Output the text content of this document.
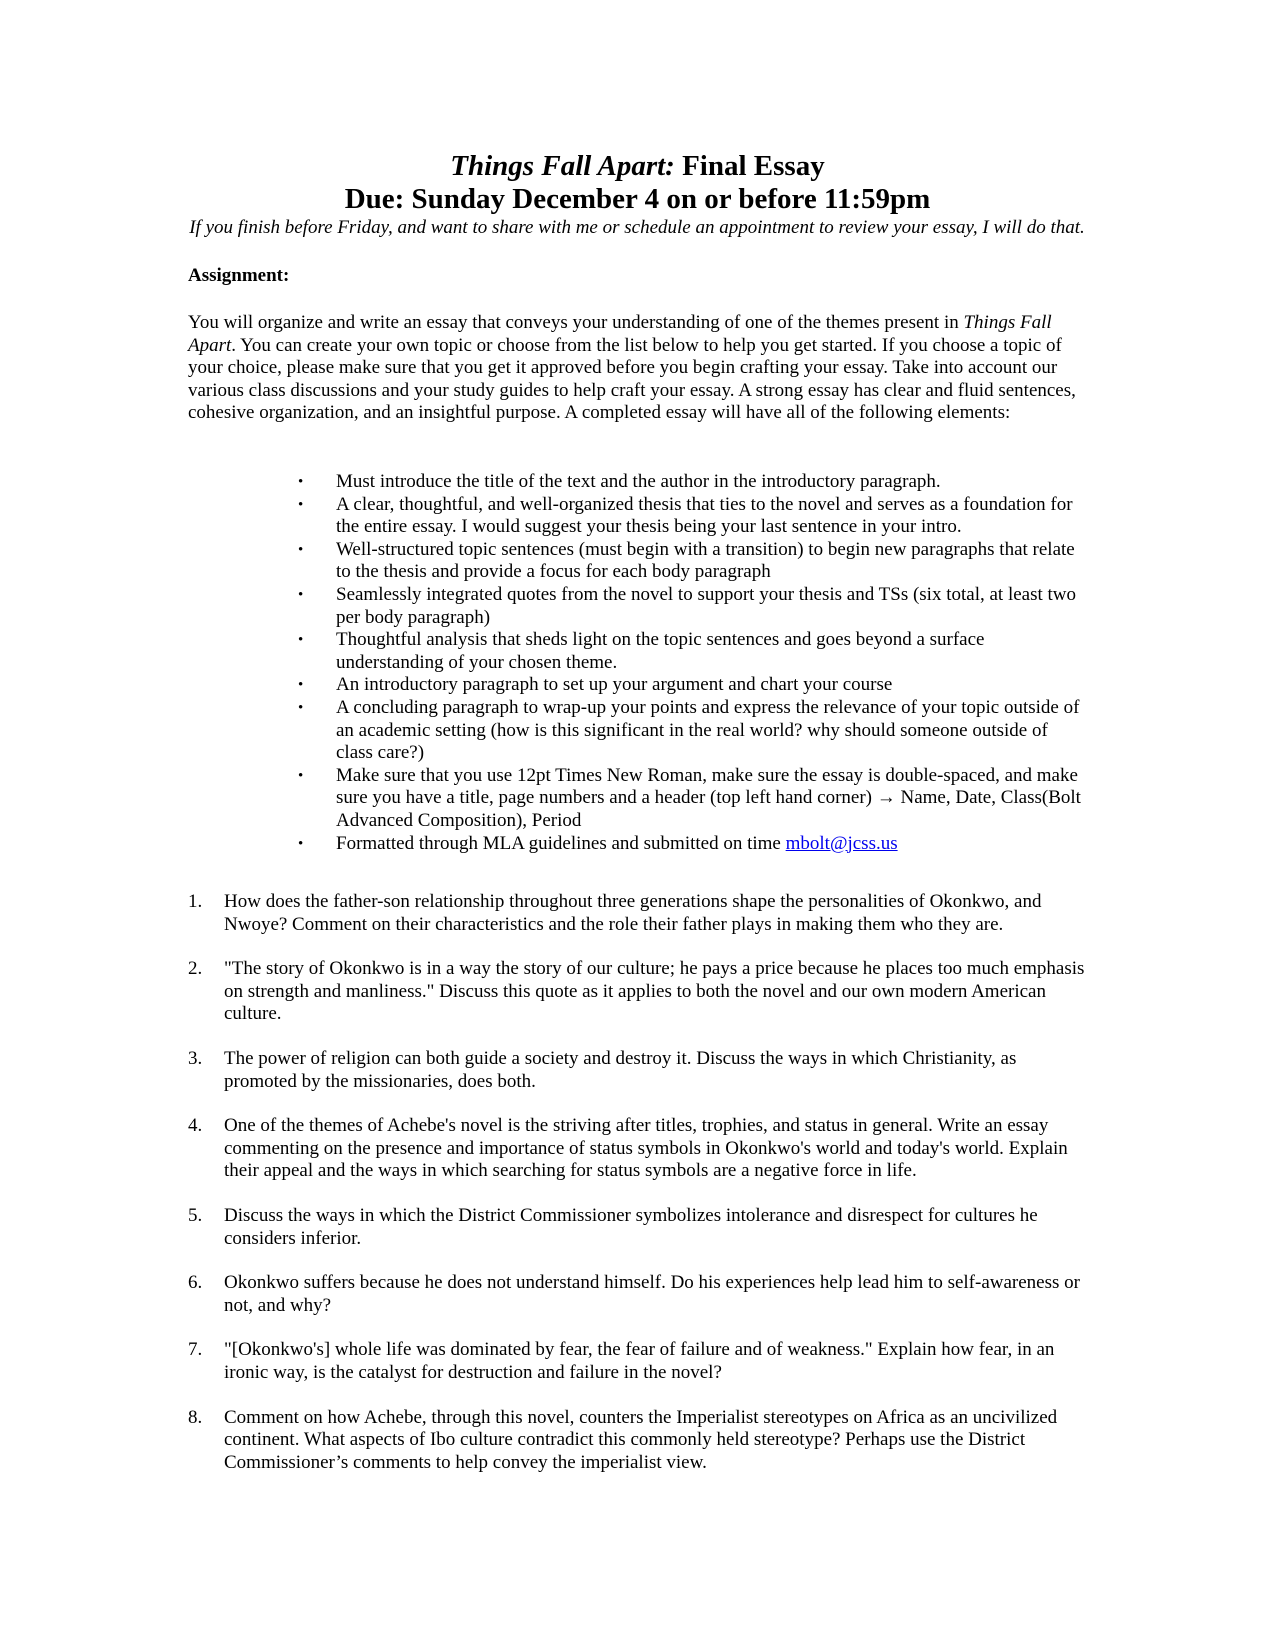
Things Fall Apart: Final Essay
Due: Sunday December 4 on or before 11:59pm
If you finish before Friday, and want to share with me or schedule an appointment to review your essay, I will do that.
Assignment:
You will organize and write an essay that conveys your understanding of one of the themes present in Things Fall Apart. You can create your own topic or choose from the list below to help you get started. If you choose a topic of your choice, please make sure that you get it approved before you begin crafting your essay. Take into account our various class discussions and your study guides to help craft your essay. A strong essay has clear and fluid sentences, cohesive organization, and an insightful purpose. A completed essay will have all of the following elements:
• Must introduce the title of the text and the author in the introductory paragraph.
• A clear, thoughtful, and well-organized thesis that ties to the novel and serves as a foundation for the entire essay. I would suggest your thesis being your last sentence in your intro.
• Well-structured topic sentences (must begin with a transition) to begin new paragraphs that relate to the thesis and provide a focus for each body paragraph
• Seamlessly integrated quotes from the novel to support your thesis and TSs (six total, at least two per body paragraph)
• Thoughtful analysis that sheds light on the topic sentences and goes beyond a surface understanding of your chosen theme.
• An introductory paragraph to set up your argument and chart your course
• A concluding paragraph to wrap-up your points and express the relevance of your topic outside of an academic setting (how is this significant in the real world? why should someone outside of class care?)
• Make sure that you use 12pt Times New Roman, make sure the essay is double-spaced, and make sure you have a title, page numbers and a header (top left hand corner) → Name, Date, Class(Bolt Advanced Composition), Period
• Formatted through MLA guidelines and submitted on time mbolt@jcss.us
1. How does the father-son relationship throughout three generations shape the personalities of Okonkwo, and Nwoye? Comment on their characteristics and the role their father plays in making them who they are.
2. "The story of Okonkwo is in a way the story of our culture; he pays a price because he places too much emphasis on strength and manliness." Discuss this quote as it applies to both the novel and our own modern American culture.
3. The power of religion can both guide a society and destroy it. Discuss the ways in which Christianity, as promoted by the missionaries, does both.
4. One of the themes of Achebe's novel is the striving after titles, trophies, and status in general. Write an essay commenting on the presence and importance of status symbols in Okonkwo's world and today's world. Explain their appeal and the ways in which searching for status symbols are a negative force in life.
5. Discuss the ways in which the District Commissioner symbolizes intolerance and disrespect for cultures he considers inferior.
6. Okonkwo suffers because he does not understand himself. Do his experiences help lead him to self-awareness or not, and why?
7. "[Okonkwo's] whole life was dominated by fear, the fear of failure and of weakness." Explain how fear, in an ironic way, is the catalyst for destruction and failure in the novel?
8. Comment on how Achebe, through this novel, counters the Imperialist stereotypes on Africa as an uncivilized continent. What aspects of Ibo culture contradict this commonly held stereotype? Perhaps use the District Commissioner’s comments to help convey the imperialist view.
